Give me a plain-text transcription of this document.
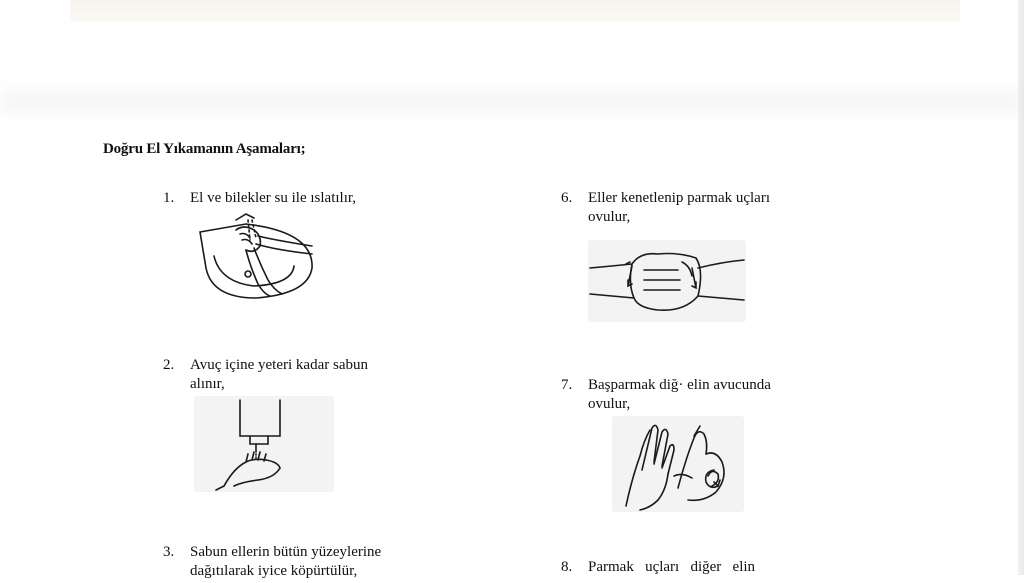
Doğru El Yıkamanın Aşamaları;
1. El ve bilekler su ile ıslatılır,
2. Avuç içine yeteri kadar sabun
alınır,
3. Sabun ellerin bütün yüzeylerine
dağıtılarak iyice köpürtülür,
6. Eller kenetlenip parmak uçları
ovulur,
7. Başparmak diğ· elin avucunda
ovulur,
8. Parmak   uçları   diğer   elin
